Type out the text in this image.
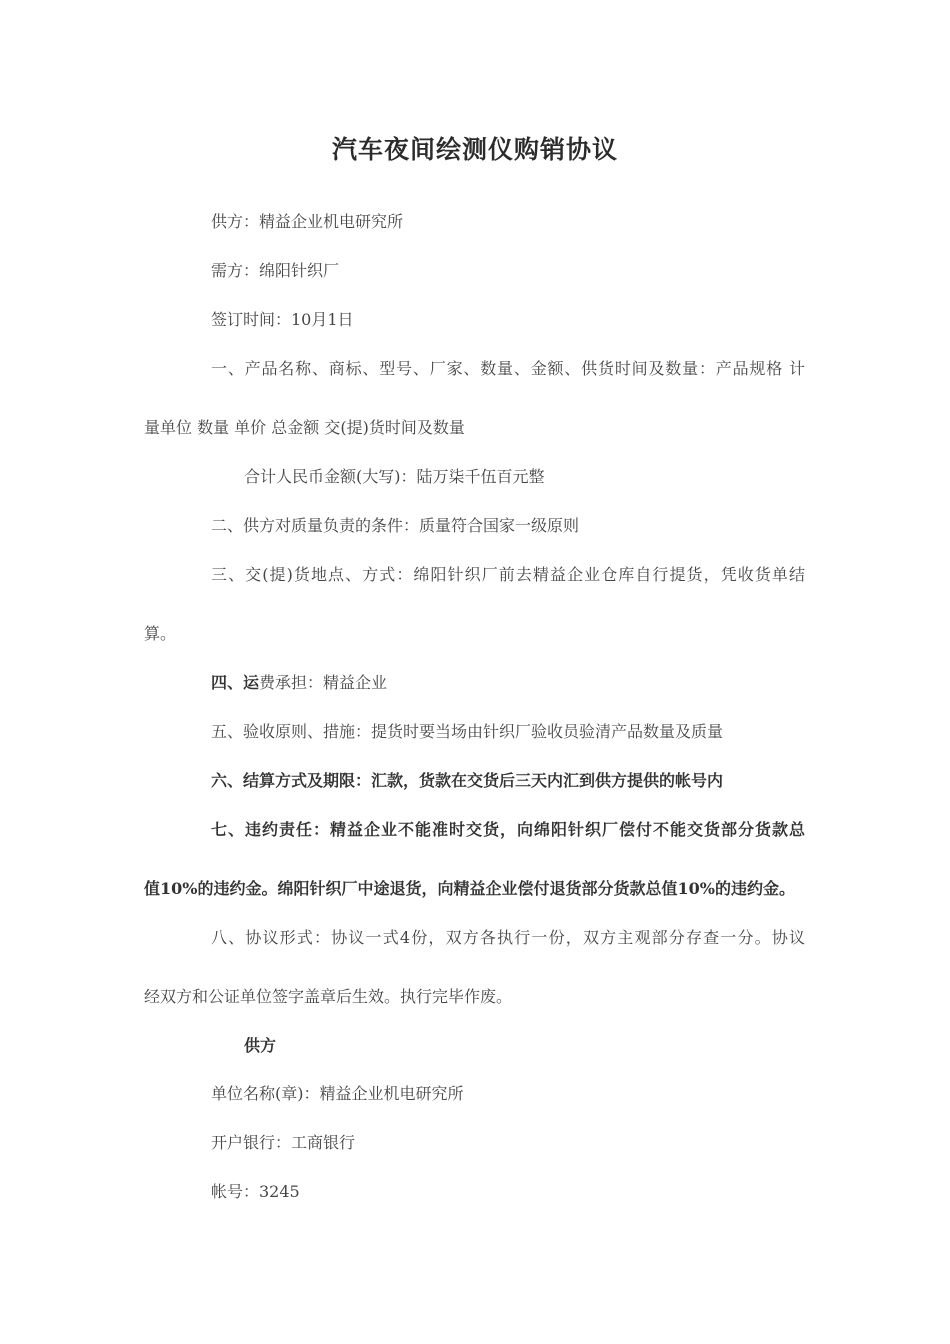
汽车夜间绘测仪购销协议
供方：精益企业机电研究所
需方：绵阳针织厂
签订时间：10月1日
一、产品名称、商标、型号、厂家、数量、金额、供货时间及数量：产品规格 计
量单位 数量 单价 总金额 交(提)货时间及数量
合计人民币金额(大写)：陆万柒千伍百元整
二、供方对质量负责的条件：质量符合国家一级原则
三、交(提)货地点、方式：绵阳针织厂前去精益企业仓库自行提货，凭收货单结
算。
四、运费承担：精益企业
五、验收原则、措施：提货时要当场由针织厂验收员验清产品数量及质量
六、结算方式及期限：汇款，货款在交货后三天内汇到供方提供的帐号内
七、违约责任：精益企业不能准时交货，向绵阳针织厂偿付不能交货部分货款总
值10%的违约金。绵阳针织厂中途退货，向精益企业偿付退货部分货款总值10%的违约金。
八、协议形式：协议一式4份，双方各执行一份，双方主观部分存查一分。协议
经双方和公证单位签字盖章后生效。执行完毕作废。
供方
单位名称(章)：精益企业机电研究所
开户银行：工商银行
帐号：3245
